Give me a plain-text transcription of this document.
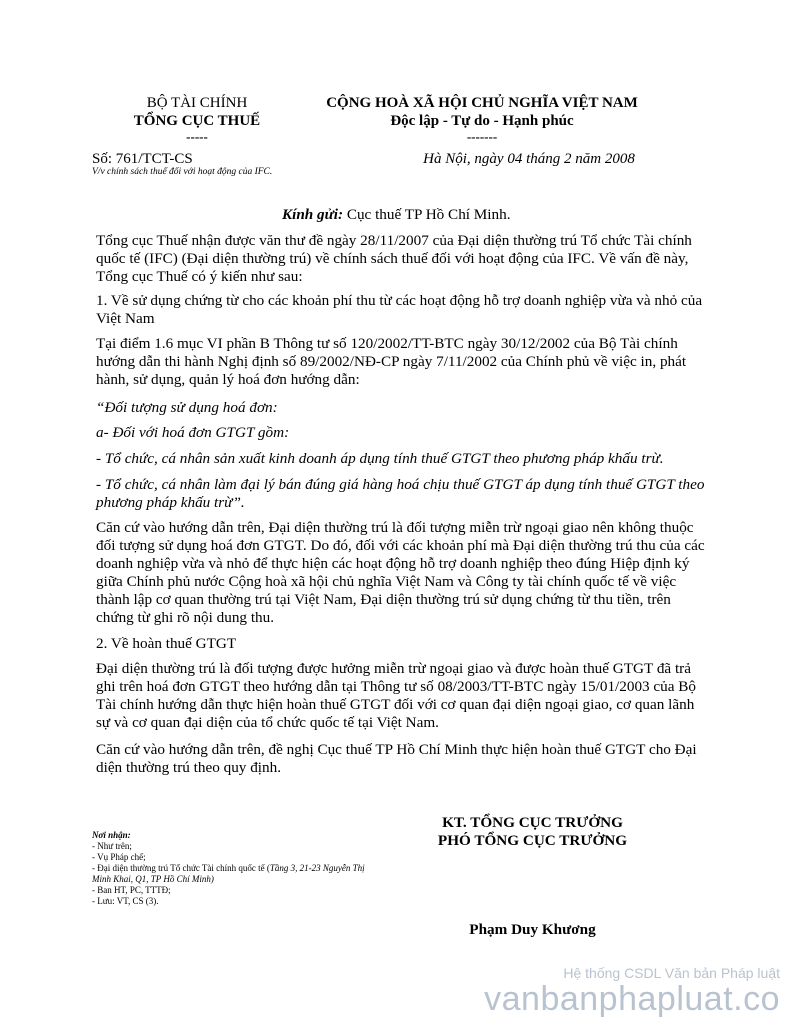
BỘ TÀI CHÍNH
TỔNG CỤC THUẾ
-----
Số: 761/TCT-CS
V/v chính sách thuế đối với hoạt động của IFC.
CỘNG HOÀ XÃ HỘI CHỦ NGHĨA VIỆT NAM
Độc lập - Tự do - Hạnh phúc
-------
Hà Nội, ngày 04 tháng 2 năm 2008
Kính gửi: Cục thuế TP Hồ Chí Minh.
Tổng cục Thuế nhận được văn thư đề ngày 28/11/2007 của Đại diện thường trú Tổ chức Tài chính quốc tế (IFC) (Đại diện thường trú) về chính sách thuế đối với hoạt động của IFC. Về vấn đề này, Tổng cục Thuế có ý kiến như sau:
1. Về sử dụng chứng từ cho các khoản phí thu từ các hoạt động hỗ trợ doanh nghiệp vừa và nhỏ của Việt Nam
Tại điểm 1.6 mục VI phần B Thông tư số 120/2002/TT-BTC ngày 30/12/2002 của Bộ Tài chính hướng dẫn thi hành Nghị định số 89/2002/NĐ-CP ngày 7/11/2002 của Chính phủ về việc in, phát hành, sử dụng, quản lý hoá đơn hướng dẫn:
“Đối tượng sử dụng hoá đơn:
a- Đối với hoá đơn GTGT gồm:
- Tổ chức, cá nhân sản xuất kinh doanh áp dụng tính thuế GTGT theo phương pháp khấu trừ.
- Tổ chức, cá nhân làm đại lý bán đúng giá hàng hoá chịu thuế GTGT áp dụng tính thuế GTGT theo phương pháp khấu trừ”.
Căn cứ vào hướng dẫn trên, Đại diện thường trú là đối tượng miễn trừ ngoại giao nên không thuộc đối tượng sử dụng hoá đơn GTGT. Do đó, đối với các khoản phí mà Đại diện thường trú thu của các doanh nghiệp vừa và nhỏ để thực hiện các hoạt động hỗ trợ doanh nghiệp theo đúng Hiệp định ký giữa Chính phủ nước Cộng hoà xã hội chủ nghĩa Việt Nam và Công ty tài chính quốc tế về việc thành lập cơ quan thường trú tại Việt Nam, Đại diện thường trú sử dụng chứng từ thu tiền, trên chứng từ ghi rõ nội dung thu.
2. Về hoàn thuế GTGT
Đại diện thường trú là đối tượng được hưởng miễn trừ ngoại giao và được hoàn thuế GTGT đã trả ghi trên hoá đơn GTGT theo hướng dẫn tại Thông tư số 08/2003/TT-BTC ngày 15/01/2003 của Bộ Tài chính hướng dẫn thực hiện hoàn thuế GTGT đối với cơ quan đại diện ngoại giao, cơ quan lãnh sự và cơ quan đại diện của tổ chức quốc tế tại Việt Nam.
Căn cứ vào hướng dẫn trên, đề nghị Cục thuế TP Hồ Chí Minh thực hiện hoàn thuế GTGT cho Đại diện thường trú theo quy định.
Nơi nhận:
- Như trên;
- Vụ Pháp chế;
- Đại diện thường trú Tổ chức Tài chính quốc tế (Tầng 3, 21-23 Nguyễn Thị Minh Khai, Q1, TP Hồ Chí Minh)
- Ban HT, PC, TTTĐ;
- Lưu: VT, CS (3).
KT. TỔNG CỤC TRƯỞNG
PHÓ TỔNG CỤC TRƯỞNG
Phạm Duy Khương
Hệ thống CSDL Văn bản Pháp luật
vanbanphapluat.co
